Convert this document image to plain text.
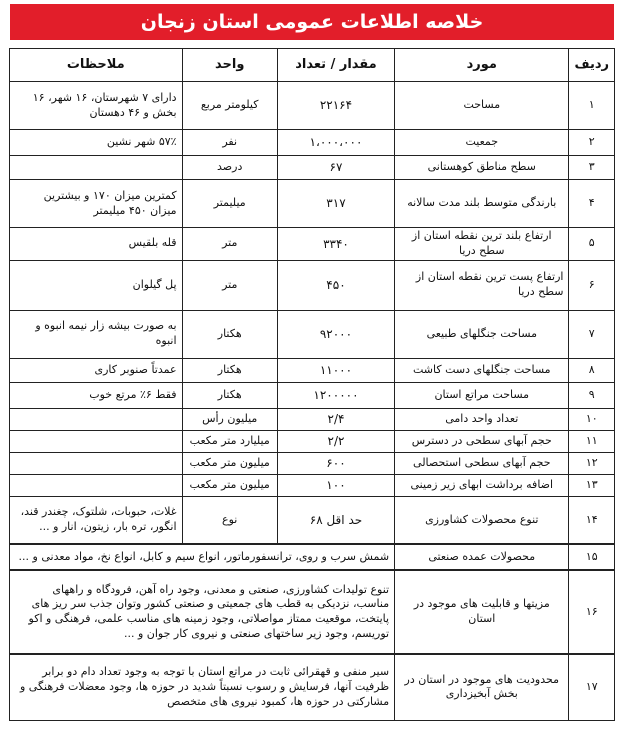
خلاصه اطلاعات عمومی استان زنجان
ردیف	مورد	مقدار / تعداد	واحد	ملاحظات
۱	مساحت	۲۲۱۶۴	کیلومتر مربع	دارای ۷ شهرستان، ۱۶ شهر، ۱۶ بخش و ۴۶ دهستان
۲	جمعیت	۱،۰۰۰،۰۰۰	نفر	۵۷٪ شهر نشین
۳	سطح مناطق کوهستانی	۶۷	درصد	
۴	بارندگی متوسط بلند مدت سالانه	۳۱۷	میلیمتر	کمترین میزان ۱۷۰ و بیشترین میزان ۴۵۰ میلیمتر
۵	ارتفاع بلند ترین نقطه استان از سطح دریا	۳۳۴۰	متر	قله بلقیس
۶	ارتفاع پست ترین نقطه استان از سطح دریا	۴۵۰	متر	پل گیلوان
۷	مساحت جنگلهای طبیعی	۹۲۰۰۰	هکتار	به صورت بیشه زار نیمه انبوه و انبوه
۸	مساحت جنگلهای دست کاشت	۱۱۰۰۰	هکتار	عمدتاً صنوبر کاری
۹	مساحت مراتع استان	۱۲۰۰۰۰۰	هکتار	فقط ۶٪ مرتع خوب
۱۰	تعداد واحد دامی	۲/۴	میلیون رأس	
۱۱	حجم آبهای سطحی در دسترس	۲/۲	میلیارد متر مکعب	
۱۲	حجم آبهای سطحی استحصالی	۶۰۰	میلیون متر مکعب	
۱۳	اضافه برداشت ابهای زیر زمینی	۱۰۰	میلیون متر مکعب	
۱۴	تنوع محصولات کشاورزی	حد اقل ۶۸	نوع	غلات، حبوبات، شلتوک، چغندر قند، انگور، تره بار، زیتون، انار و ...
۱۵	محصولات عمده صنعتی	شمش سرب و روی، ترانسفورماتور، انواع سیم و کابل، انواع نخ، مواد معدنی و ...		
۱۶	مزیتها و قابلیت های موجود در استان	تنوع تولیدات کشاورزی، صنعتی و معدنی، وجود راه آهن، فرودگاه و راههای مناسب، نزدیکی به قطب های جمعیتی و صنعتی کشور وتوان جذب سر ریز های پایتخت، موقعیت ممتاز مواصلاتی، وجود زمینه های مناسب علمی، فرهنگی و اکو توریسم، وجود زیر ساختهای صنعتی و نیروی کار جوان و ...		
۱۷	محدودیت های موجود در استان در بخش آبخیزداری	سیر منفی و قهقرائی ثابت در مراتع استان با توجه به وجود تعداد دام دو برابر ظرفیت آنها، فرسایش و رسوب نسبتاً شدید در حوزه ها، وجود معضلات فرهنگی و مشارکتی در حوزه ها، کمبود نیروی های متخصص		
